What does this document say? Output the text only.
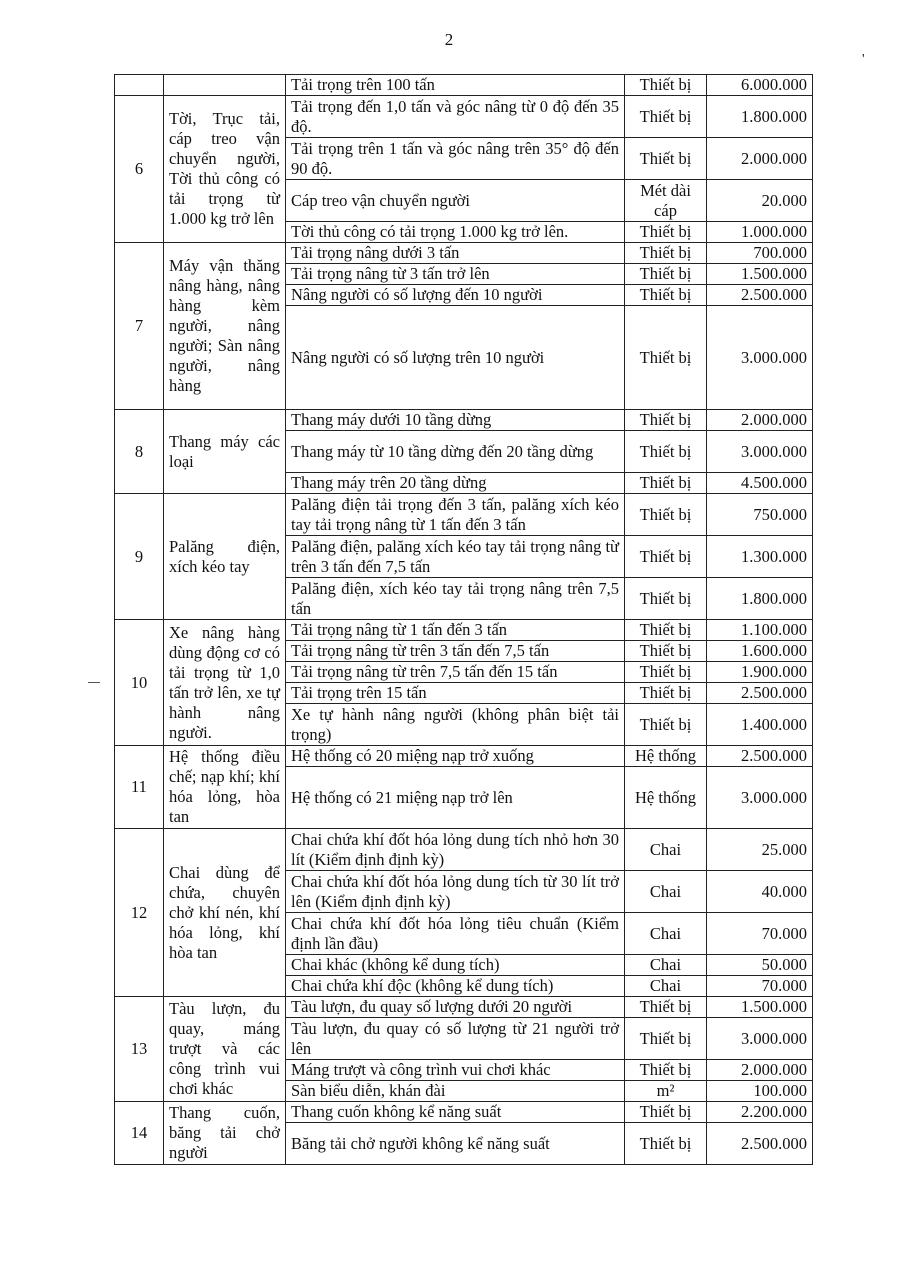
2
'
		Tải trọng trên 100 tấn	Thiết bị	6.000.000
6	Tời, Trục tải, cáp treo vận chuyển người, Tời thủ công có tải trọng từ 1.000 kg trở lên	Tải trọng đến 1,0 tấn và góc nâng từ 0 độ đến 35 độ.	Thiết bị	1.800.000
		Tải trọng trên 1 tấn và góc nâng trên 35° độ đến 90 độ.	Thiết bị	2.000.000
		Cáp treo vận chuyển người	Mét dài cáp	20.000
		Tời thủ công có tải trọng 1.000 kg trở lên.	Thiết bị	1.000.000
7	Máy vận thăng nâng hàng, nâng hàng kèm người, nâng người; Sàn nâng người, nâng hàng	Tải trọng nâng dưới 3 tấn	Thiết bị	700.000
		Tải trọng nâng từ 3 tấn trở lên	Thiết bị	1.500.000
		Nâng người có số lượng đến 10 người	Thiết bị	2.500.000
		Nâng người có số lượng trên 10 người	Thiết bị	3.000.000
8	Thang máy các loại	Thang máy dưới 10 tầng dừng	Thiết bị	2.000.000
		Thang máy từ 10 tầng dừng đến 20 tầng dừng	Thiết bị	3.000.000
		Thang máy trên 20 tầng dừng	Thiết bị	4.500.000
9	Palăng điện, xích kéo tay	Palăng điện tải trọng đến 3 tấn, palăng xích kéo tay tải trọng nâng từ 1 tấn đến 3 tấn	Thiết bị	750.000
		Palăng điện, palăng xích kéo tay tải trọng nâng từ trên 3 tấn đến 7,5 tấn	Thiết bị	1.300.000
		Palăng điện, xích kéo tay tải trọng nâng trên 7,5 tấn	Thiết bị	1.800.000
10	Xe nâng hàng dùng động cơ có tải trọng từ 1,0 tấn trở lên, xe tự hành nâng người.	Tải trọng nâng từ 1 tấn đến 3 tấn	Thiết bị	1.100.000
		Tải trọng nâng từ trên 3 tấn đến 7,5 tấn	Thiết bị	1.600.000
		Tải trọng nâng từ trên 7,5 tấn đến 15 tấn	Thiết bị	1.900.000
		Tải trọng trên 15 tấn	Thiết bị	2.500.000
		Xe tự hành nâng người (không phân biệt tải trọng)	Thiết bị	1.400.000
11	Hệ thống điều chế; nạp khí; khí hóa lỏng, hòa tan	Hệ thống có 20 miệng nạp trở xuống	Hệ thống	2.500.000
		Hệ thống có 21 miệng nạp trở lên	Hệ thống	3.000.000
12	Chai dùng để chứa, chuyên chở khí nén, khí hóa lỏng, khí hòa tan	Chai chứa khí đốt hóa lỏng dung tích nhỏ hơn 30 lít (Kiểm định định kỳ)	Chai	25.000
		Chai chứa khí đốt hóa lỏng dung tích từ 30 lít trở lên (Kiểm định định kỳ)	Chai	40.000
		Chai chứa khí đốt hóa lỏng tiêu chuẩn (Kiểm định lần đầu)	Chai	70.000
		Chai khác (không kể dung tích)	Chai	50.000
		Chai chứa khí độc (không kể dung tích)	Chai	70.000
13	Tàu lượn, đu quay, máng trượt và các công trình vui chơi khác	Tàu lượn, đu quay số lượng dưới 20 người	Thiết bị	1.500.000
		Tàu lượn, đu quay có số lượng từ 21 người trở lên	Thiết bị	3.000.000
		Máng trượt và công trình vui chơi khác	Thiết bị	2.000.000
		Sàn biểu diễn, khán đài	m²	100.000
14	Thang cuốn, băng tải chở người	Thang cuốn không kể năng suất	Thiết bị	2.200.000
		Băng tải chở người không kể năng suất	Thiết bị	2.500.000
